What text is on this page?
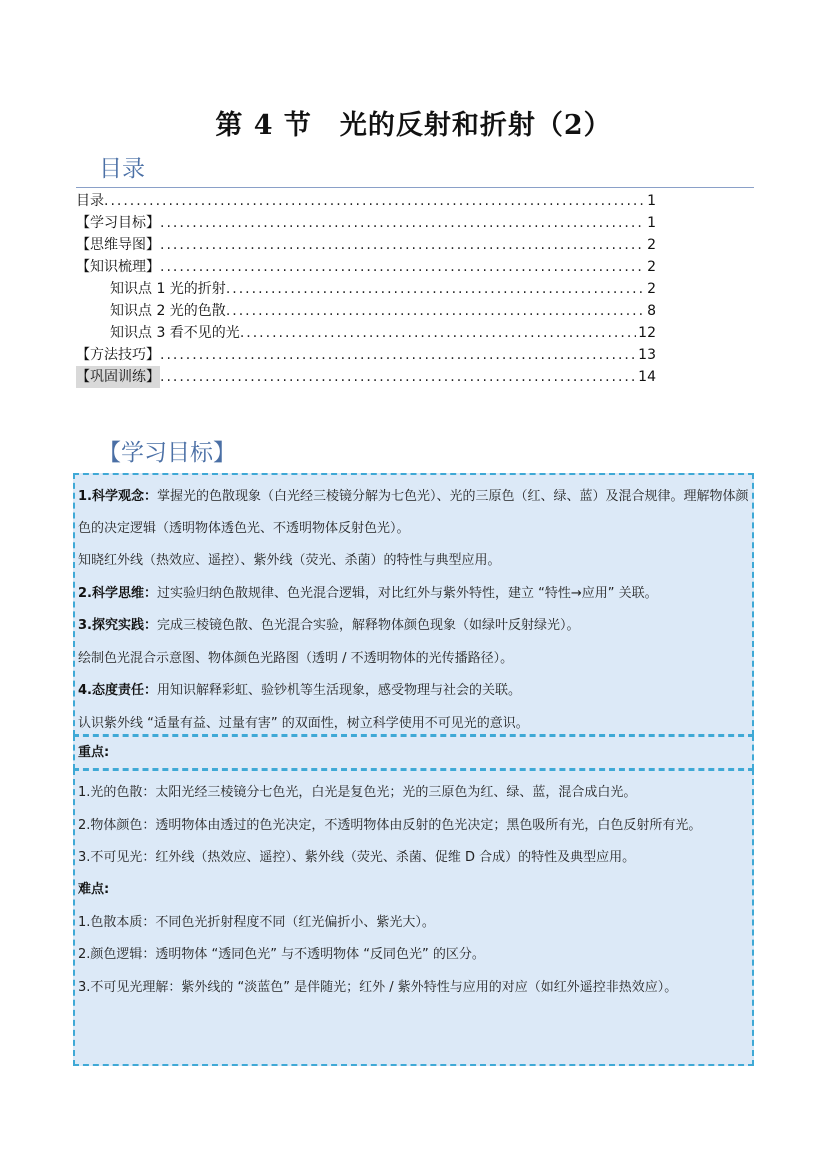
第 4 节　光的反射和折射（2）
目录
目录 .....	1
【学习目标】 .....	1
【思维导图】 .....	2
【知识梳理】 .....	2
知识点 1 光的折射 .....	2
知识点 2 光的色散 .....	8
知识点 3 看不见的光 .....	12
【方法技巧】 .....	13
【巩固训练】 .....	14
【学习目标】
1.科学观念：掌握光的色散现象（白光经三棱镜分解为七色光）、光的三原色（红、绿、蓝）及混合规律。理解物体颜色的决定逻辑（透明物体透色光、不透明物体反射色光）。
知晓红外线（热效应、遥控）、紫外线（荧光、杀菌）的特性与典型应用。
2.科学思维：过实验归纳色散规律、色光混合逻辑，对比红外与紫外特性，建立 “特性→应用” 关联。
3.探究实践：完成三棱镜色散、色光混合实验，解释物体颜色现象（如绿叶反射绿光）。
绘制色光混合示意图、物体颜色光路图（透明 / 不透明物体的光传播路径）。
4.态度责任：用知识解释彩虹、验钞机等生活现象，感受物理与社会的关联。
认识紫外线 “适量有益、过量有害” 的双面性，树立科学使用不可见光的意识。
重点:
1.光的色散：太阳光经三棱镜分七色光，白光是复色光；光的三原色为红、绿、蓝，混合成白光。
2.物体颜色：透明物体由透过的色光决定，不透明物体由反射的色光决定；黑色吸所有光，白色反射所有光。
3.不可见光：红外线（热效应、遥控）、紫外线（荧光、杀菌、促维 D 合成）的特性及典型应用。
难点:
1.色散本质：不同色光折射程度不同（红光偏折小、紫光大）。
2.颜色逻辑：透明物体 “透同色光” 与不透明物体 “反同色光” 的区分。
3.不可见光理解：紫外线的 “淡蓝色” 是伴随光；红外 / 紫外特性与应用的对应（如红外遥控非热效应）。
